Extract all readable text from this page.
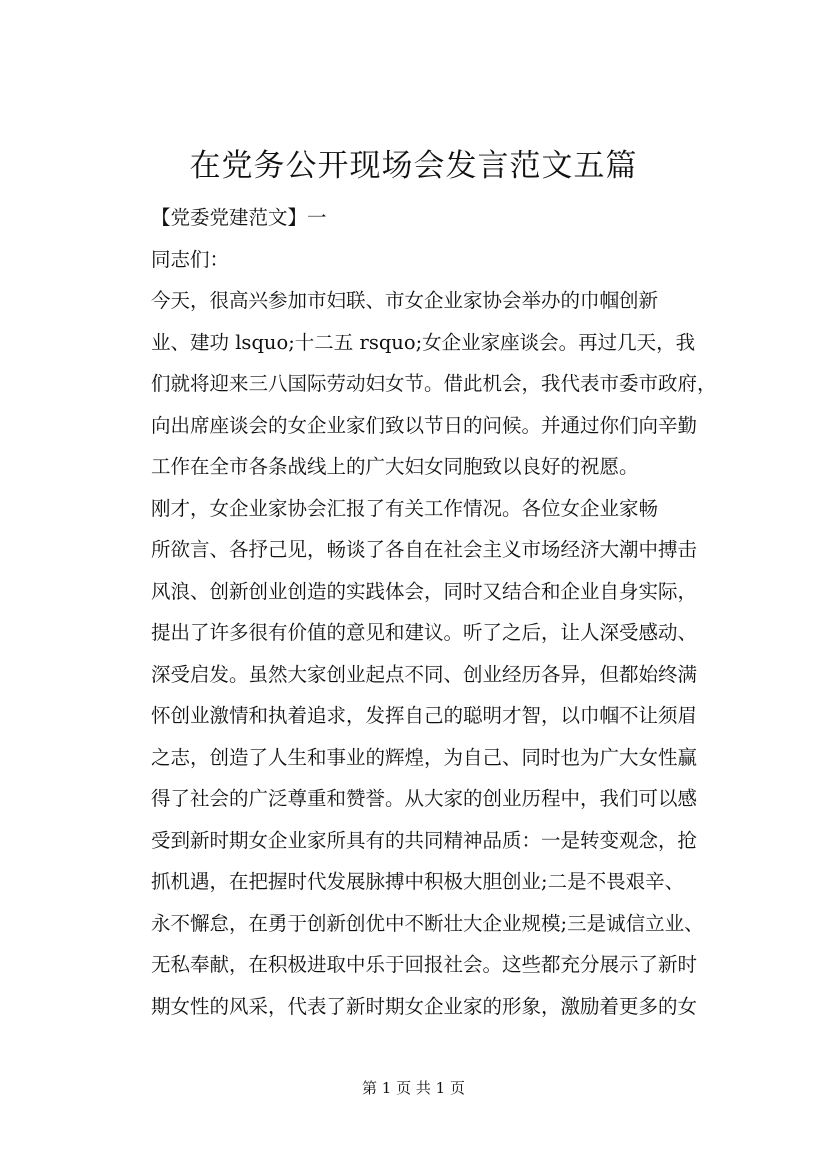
在党务公开现场会发言范文五篇

【党委党建范文】一

同志们：

今天，很高兴参加市妇联、市女企业家协会举办的巾帼创新
业、建功 lsquo;十二五 rsquo;女企业家座谈会。再过几天，我
们就将迎来三八国际劳动妇女节。借此机会，我代表市委市政府，
向出席座谈会的女企业家们致以节日的问候。并通过你们向辛勤
工作在全市各条战线上的广大妇女同胞致以良好的祝愿。

刚才，女企业家协会汇报了有关工作情况。各位女企业家畅
所欲言、各抒己见，畅谈了各自在社会主义市场经济大潮中搏击
风浪、创新创业创造的实践体会，同时又结合和企业自身实际，
提出了许多很有价值的意见和建议。听了之后，让人深受感动、
深受启发。虽然大家创业起点不同、创业经历各异，但都始终满
怀创业激情和执着追求，发挥自己的聪明才智，以巾帼不让须眉
之志，创造了人生和事业的辉煌，为自己、同时也为广大女性赢
得了社会的广泛尊重和赞誉。从大家的创业历程中，我们可以感
受到新时期女企业家所具有的共同精神品质：一是转变观念，抢
抓机遇，在把握时代发展脉搏中积极大胆创业;二是不畏艰辛、
永不懈怠，在勇于创新创优中不断壮大企业规模;三是诚信立业、
无私奉献，在积极进取中乐于回报社会。这些都充分展示了新时
期女性的风采，代表了新时期女企业家的形象，激励着更多的女

第 1 页 共 1 页
